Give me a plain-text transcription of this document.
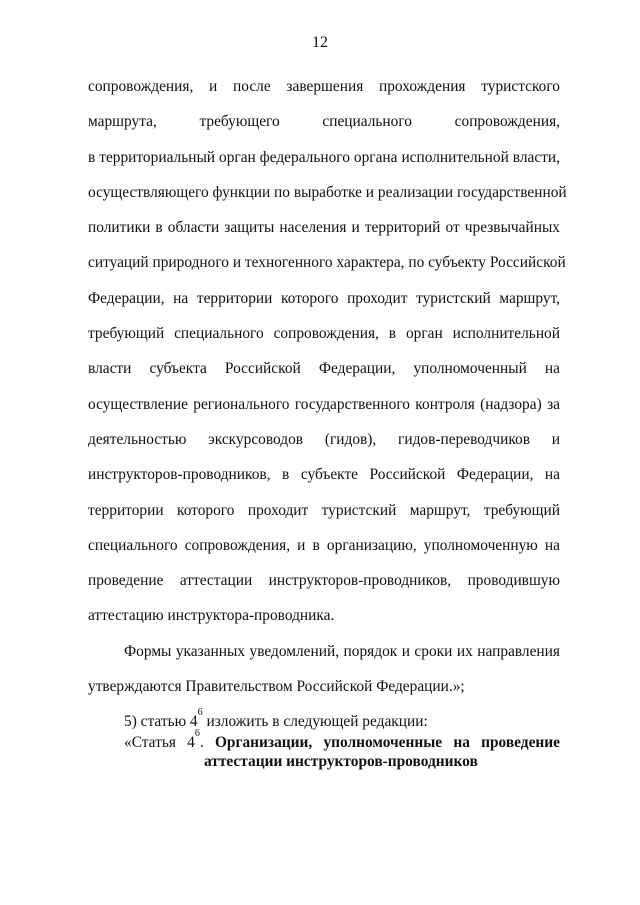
12
сопровождения, и после завершения прохождения туристского
маршрута, требующего специального сопровождения,
в территориальный орган федерального органа исполнительной власти,
осуществляющего функции по выработке и реализации государственной
политики в области защиты населения и территорий от чрезвычайных
ситуаций природного и техногенного характера, по субъекту Российской
Федерации, на территории которого проходит туристский маршрут,
требующий специального сопровождения, в орган исполнительной
власти субъекта Российской Федерации, уполномоченный на
осуществление регионального государственного контроля (надзора) за
деятельностью экскурсоводов (гидов), гидов-переводчиков и
инструкторов-проводников, в субъекте Российской Федерации, на
территории которого проходит туристский маршрут, требующий
специального сопровождения, и в организацию, уполномоченную на
проведение аттестации инструкторов-проводников, проводившую
аттестацию инструктора-проводника.
Формы указанных уведомлений, порядок и сроки их направления
утверждаются Правительством Российской Федерации.»;
5) статью $4^6$ изложить в следующей редакции:
«Статья $4^6$. Организации, уполномоченные на проведение
аттестации инструкторов-проводников
